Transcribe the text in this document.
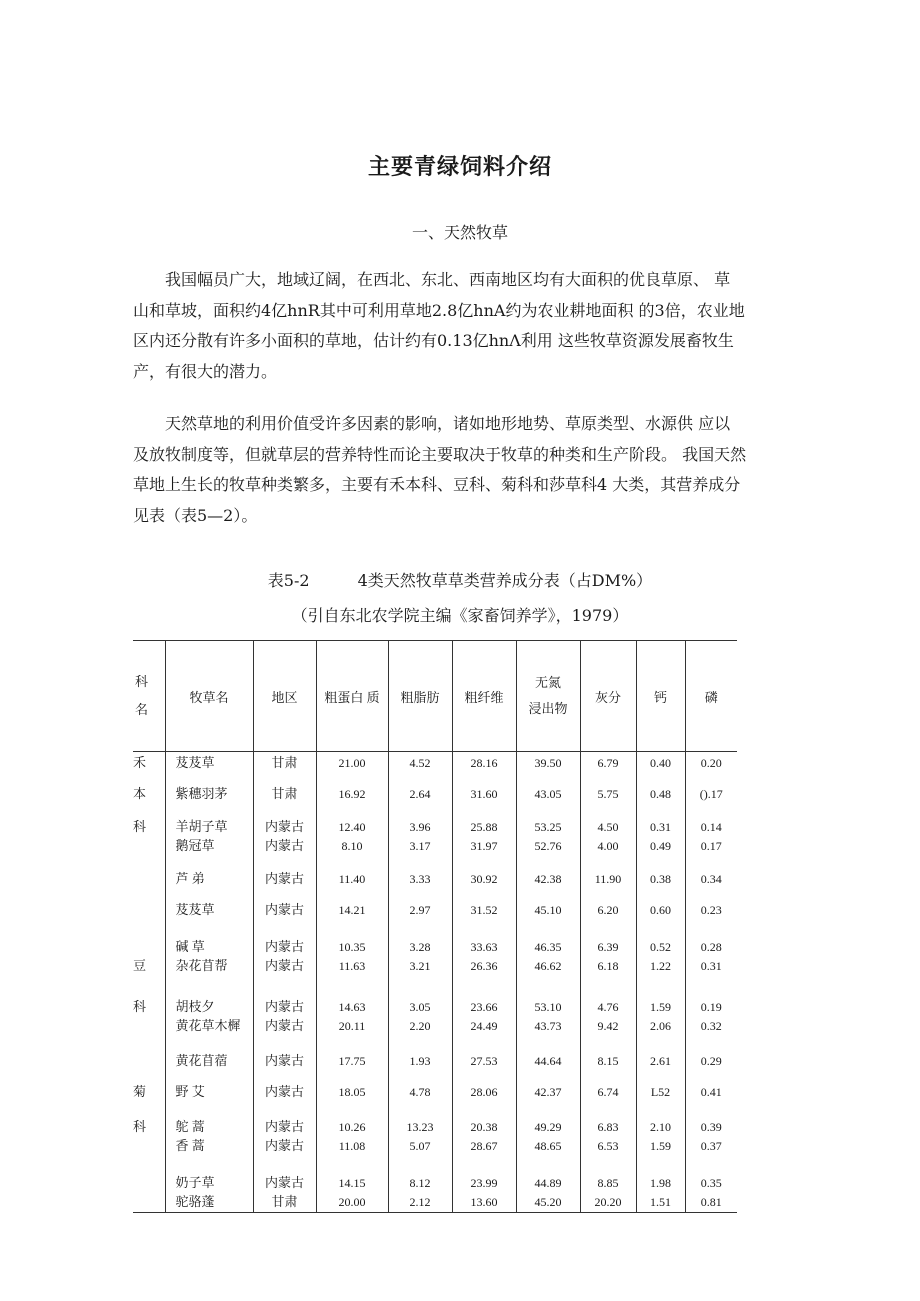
主要青绿饲料介绍
一、天然牧草
我国幅员广大，地域辽阔，在西北、东北、西南地区均有大面积的优良草原、 草
山和草坡，面积约4亿hnR其中可利用草地2.8亿hnA约为农业耕地面积 的3倍，农业地
区内还分散有许多小面积的草地，估计约有0.13亿hnΛ利用 这些牧草资源发展畜牧生
产，有很大的潜力。
天然草地的利用价值受许多因素的影响，诸如地形地势、草原类型、水源供 应以
及放牧制度等，但就草层的营养特性而论主要取决于牧草的种类和生产阶段。 我国天然
草地上生长的牧草种类繁多，主要有禾本科、豆科、菊科和莎草科4 大类，其营养成分
见表（表5—2）。
表5-2	4类天然牧草草类营养成分表（占DM%）
（引自东北农学院主编《家畜饲养学》，1979）
科名	牧草名	地区	粗蛋白 质	粗脂肪	粗纤维	无氮 浸出物	灰分	钙	磷
禾	芨芨草	甘肃	21.00	4.52	28.16	39.50	6.79	0.40	0.20
本	紫穗羽茅	甘肃	16.92	2.64	31.60	43.05	5.75	0.48	().17
科	羊胡子草	内蒙古	12.40	3.96	25.88	53.25	4.50	0.31	0.14
	鹅冠草	内蒙古	8.10	3.17	31.97	52.76	4.00	0.49	0.17
	芦 弟	内蒙古	11.40	3.33	30.92	42.38	11.90	0.38	0.34
	芨芨草	内蒙古	14.21	2.97	31.52	45.10	6.20	0.60	0.23
	碱 草	内蒙古	10.35	3.28	33.63	46.35	6.39	0.52	0.28
豆	杂花苜帮	内蒙古	11.63	3.21	26.36	46.62	6.18	1.22	0.31
科	胡枝夕	内蒙古	14.63	3.05	23.66	53.10	4.76	1.59	0.19
	黄花草木樨	内蒙古	20.11	2.20	24.49	43.73	9.42	2.06	0.32
	黄花苜蓿	内蒙古	17.75	1.93	27.53	44.64	8.15	2.61	0.29
菊	野 艾	内蒙古	18.05	4.78	28.06	42.37	6.74	L52	0.41
科	鸵 蒿	内蒙古	10.26	13.23	20.38	49.29	6.83	2.10	0.39
	香 蒿	内蒙古	11.08	5.07	28.67	48.65	6.53	1.59	0.37
	奶子草	内蒙古	14.15	8.12	23.99	44.89	8.85	1.98	0.35
	驼骆蓬	甘肃	20.00	2.12	13.60	45.20	20.20	1.51	0.81
